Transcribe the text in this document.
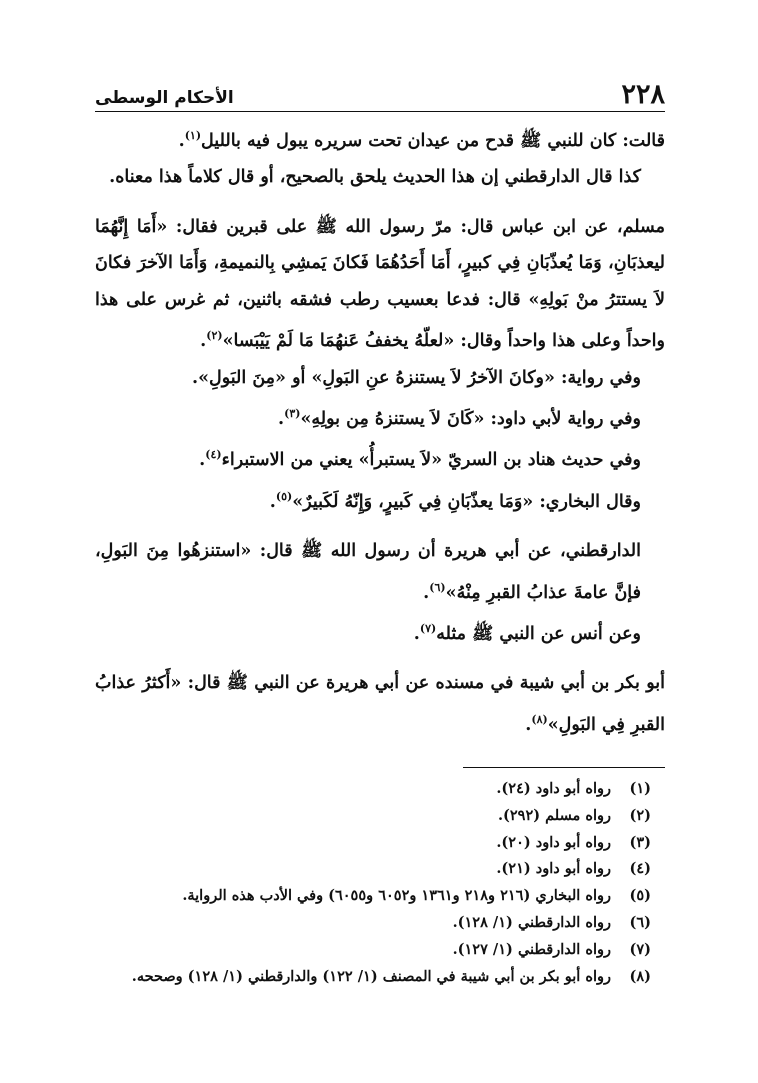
٢٢٨
الأحكام الوسطى

قالت: كان للنبي ﷺ قدح من عيدان تحت سريره يبول فيه بالليل$^{(١)}$.

كذا قال الدارقطني إن هذا الحديث يلحق بالصحيح، أو قال كلاماً هذا معناه.

مسلم، عن ابن عباس قال: مرّ رسول الله ﷺ على قبرين فقال: «أَمَا إِنَّهُمَا ليعذبَانِ، وَمَا يُعذّبَانِ فِي كبيرٍ، أَمَا أَحَدُهُمَا فَكانَ يَمشِي بِالنميمةِ، وَأَمَا الآخرَ فكانَ لاَ يستترُ منْ بَولِهِ» قال: فدعا بعسيب رطب فشقه باثنين، ثم غرس على هذا واحداً وعلى هذا واحداً وقال: «لعلّهُ يخففُ عَنهُمَا مَا لَمْ يَيْبَسا»$^{(٢)}$.

وفي رواية: «وكانَ الآخرُ لاَ يستنزهُ عنِ البَولِ» أو «مِنَ البَولِ».

وفي رواية لأبي داود: «كَانَ لاَ يستنزهُ مِن بولِهِ»$^{(٣)}$.

وفي حديث هناد بن السريّ «لاَ يستبرأُ» يعني من الاستبراء$^{(٤)}$.

وقال البخاري: «وَمَا يعذّبَانِ فِي كَبيرٍ، وَإِنّهُ لَكَبيرٌ»$^{(٥)}$.

الدارقطني، عن أبي هريرة أن رسول الله ﷺ قال: «استنزهُوا مِنَ البَولِ، فإنَّ عامةَ عذابُ القبرِ مِنْهُ»$^{(٦)}$.

وعن أنس عن النبي ﷺ مثله$^{(٧)}$.

أبو بكر بن أبي شيبة في مسنده عن أبي هريرة عن النبي ﷺ قال: «أَكثرُ عذابُ القبرِ فِي البَولِ»$^{(٨)}$.

(١)
رواه أبو داود (٢٤).
(٢)
رواه مسلم (٢٩٢).
(٣)
رواه أبو داود (٢٠).
(٤)
رواه أبو داود (٢١).
(٥)
رواه البخاري (٢١٦ و٢١٨ و١٣٦١ و٦٠٥٢ و٦٠٥٥) وفي الأدب هذه الرواية.
(٦)
رواه الدارقطني (١/ ١٢٨).
(٧)
رواه الدارقطني (١/ ١٢٧).
(٨)
رواه أبو بكر بن أبي شيبة في المصنف (١/ ١٢٢) والدارقطني (١/ ١٢٨) وصححه.
